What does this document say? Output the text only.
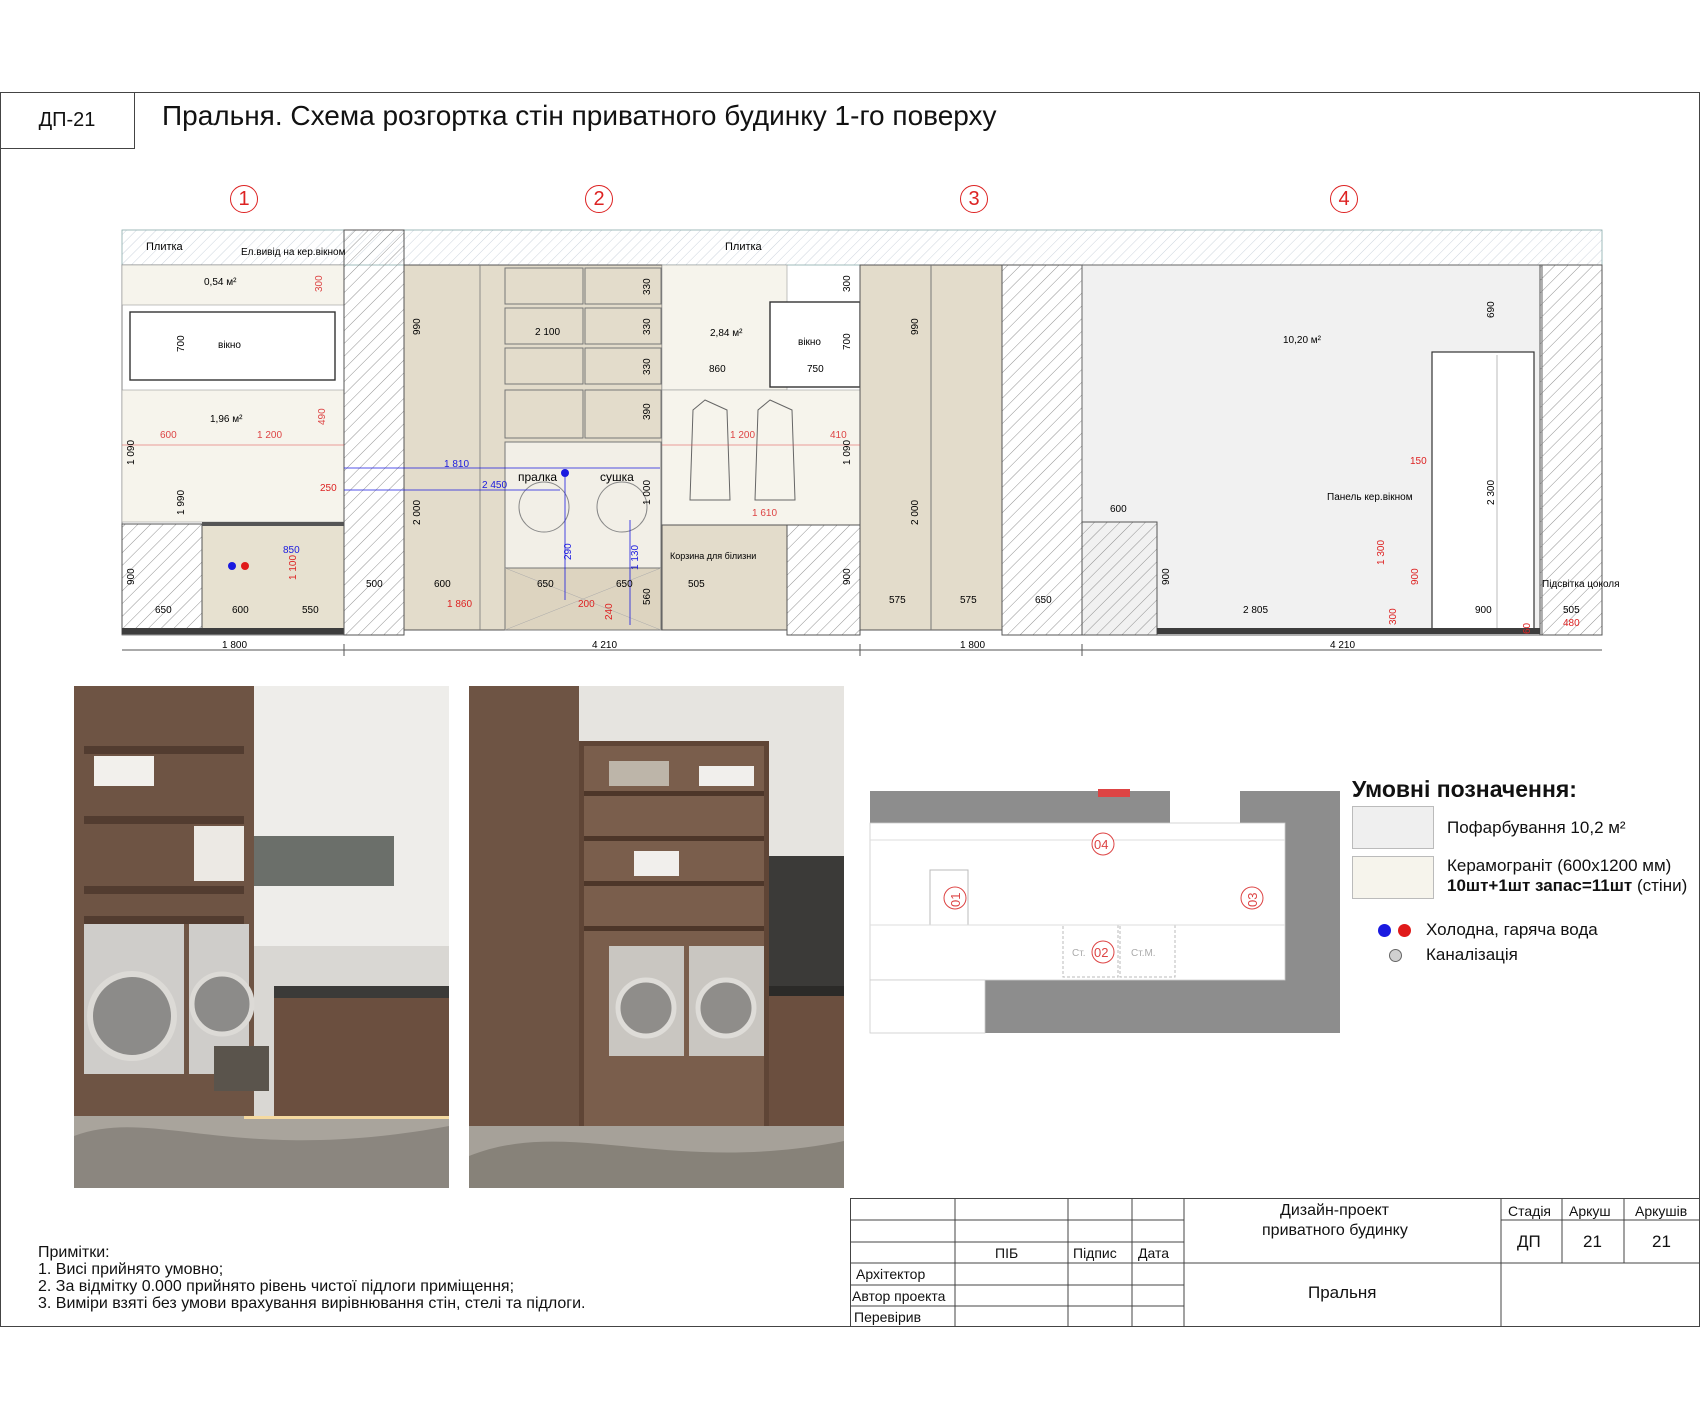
ДП-21 Пральня. Схема розгортка стін приватного будинку 1-го поверху
1	2	3	4
Плитка	Ел.вивід на кер.вікном	Плитка
0,54 м²
вікно	вікно
1,96 м²
2,84 м²
10,20 м²
пралка	сушка
Корзина для білизни
Панель кер.вікном
Підсвітка цоколя
1 800	4 210	1 800	4 210
650	600	550
850
500	600
2 100
1 810
2 450
1 860	200
650	650	505
860	750
600	1 200	1 200	410
1 610
250
575	575	650
600
2 805	900	505
480
150
700
1 090
1 990
900
490
300
1 100
990
2 000
330
330
330
390
1 000
290	1 130
560
240
300
700
1 090
900
990
2 000
900
690
2 300
1 300
900
300
60
04
01	03
02
Ст.	Ст.М.
Умовні позначення:
Пофарбування 10,2 м²
Керамограніт (600x1200 мм)
10шт+1шт запас=11шт (стіни)
Холодна, гаряча вода
Каналізація
Примітки:
1. Висі прийнято умовно;
2. За відмітку 0.000 прийнято рівень чистої підлоги приміщення;
3. Виміри взяті без умови врахування вирівнювання стін, стелі та підлоги.
Дизайн-проект
приватного будинку
Стадія Аркуш Аркушів
ДП 21	21
ПІБ	Підпис Дата
Архітектор
Автор проекта
Перевірив
Пральня
